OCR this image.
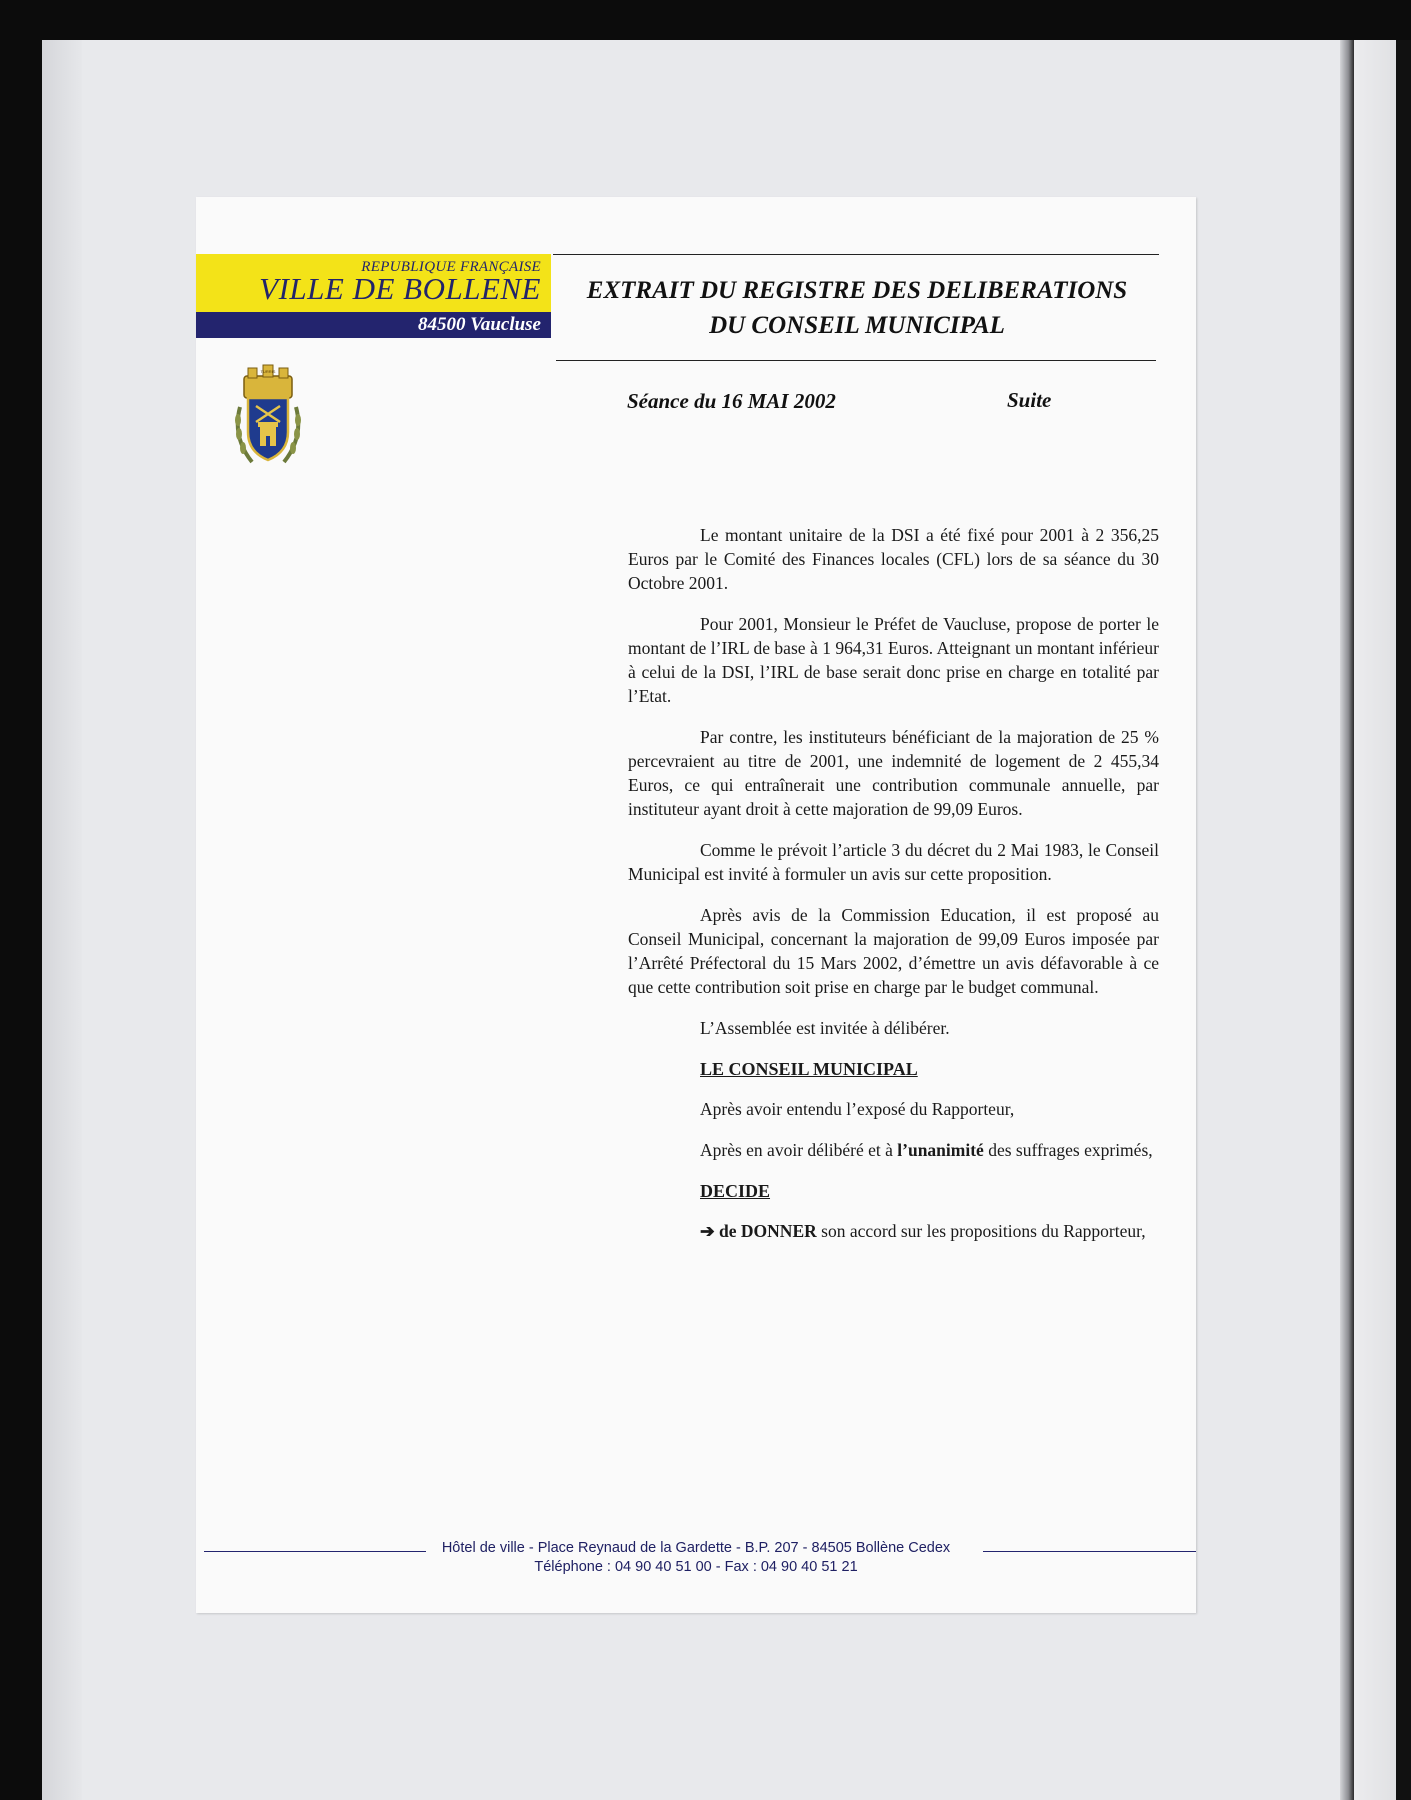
REPUBLIQUE FRANÇAISE
VILLE DE BOLLENE
84500 Vaucluse
TURRIS
EXTRAIT DU REGISTRE DES DELIBERATIONS
DU CONSEIL MUNICIPAL
Séance du 16 MAI 2002	Suite

Le montant unitaire de la DSI a été fixé pour 2001 à 2 356,25 Euros par le Comité des Finances locales (CFL) lors de sa séance du 30 Octobre 2001.

Pour 2001, Monsieur le Préfet de Vaucluse, propose de porter le montant de l’IRL de base à 1 964,31 Euros. Atteignant un montant inférieur à celui de la DSI, l’IRL de base serait donc prise en charge en totalité par l’Etat.

Par contre, les instituteurs bénéficiant de la majoration de 25 % percevraient au titre de 2001, une indemnité de logement de 2 455,34 Euros, ce qui entraînerait une contribution communale annuelle, par instituteur ayant droit à cette majoration de 99,09 Euros.

Comme le prévoit l’article 3 du décret du 2 Mai 1983, le Conseil Municipal est invité à formuler un avis sur cette proposition.

Après avis de la Commission Education, il est proposé au Conseil Municipal, concernant la majoration de 99,09 Euros imposée par l’Arrêté Préfectoral du 15 Mars 2002, d’émettre un avis défavorable à ce que cette contribution soit prise en charge par le budget communal.

L’Assemblée est invitée à délibérer.

LE CONSEIL MUNICIPAL

Après avoir entendu l’exposé du Rapporteur,

Après en avoir délibéré et à l’unanimité des suffrages exprimés,

DECIDE

➔ de DONNER son accord sur les propositions du Rapporteur,

Hôtel de ville - Place Reynaud de la Gardette - B.P. 207 - 84505 Bollène Cedex
Téléphone : 04 90 40 51 00 - Fax : 04 90 40 51 21
